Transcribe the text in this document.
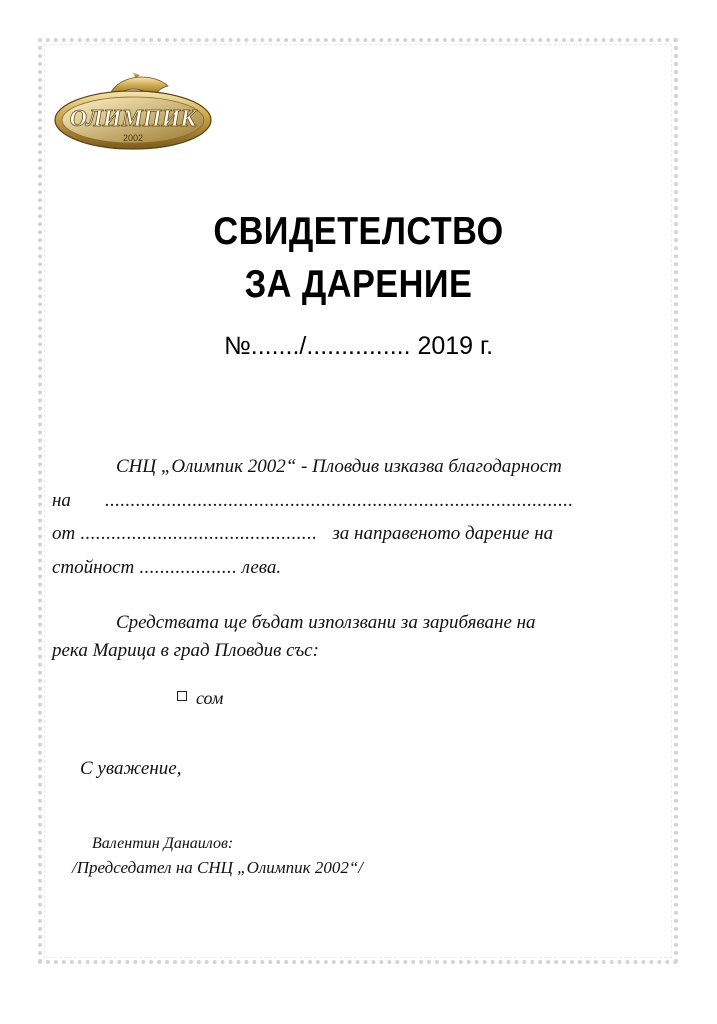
ОЛИМПИК
2002
СВИДЕТЕЛСТВО
ЗА ДАРЕНИЕ
№......./............... 2019 г.
СНЦ „Олимпик 2002“ - Пловдив изказва благодарност
на ...........................................................................................
от .............................................. за направеното дарение на
стойност ................... лева.
Средствата ще бъдат използвани за зарибяване на
река Марица в град Пловдив със:
сом
С уважение,
Валентин Данаилов:
/Председател на СНЦ „Олимпик 2002“/
